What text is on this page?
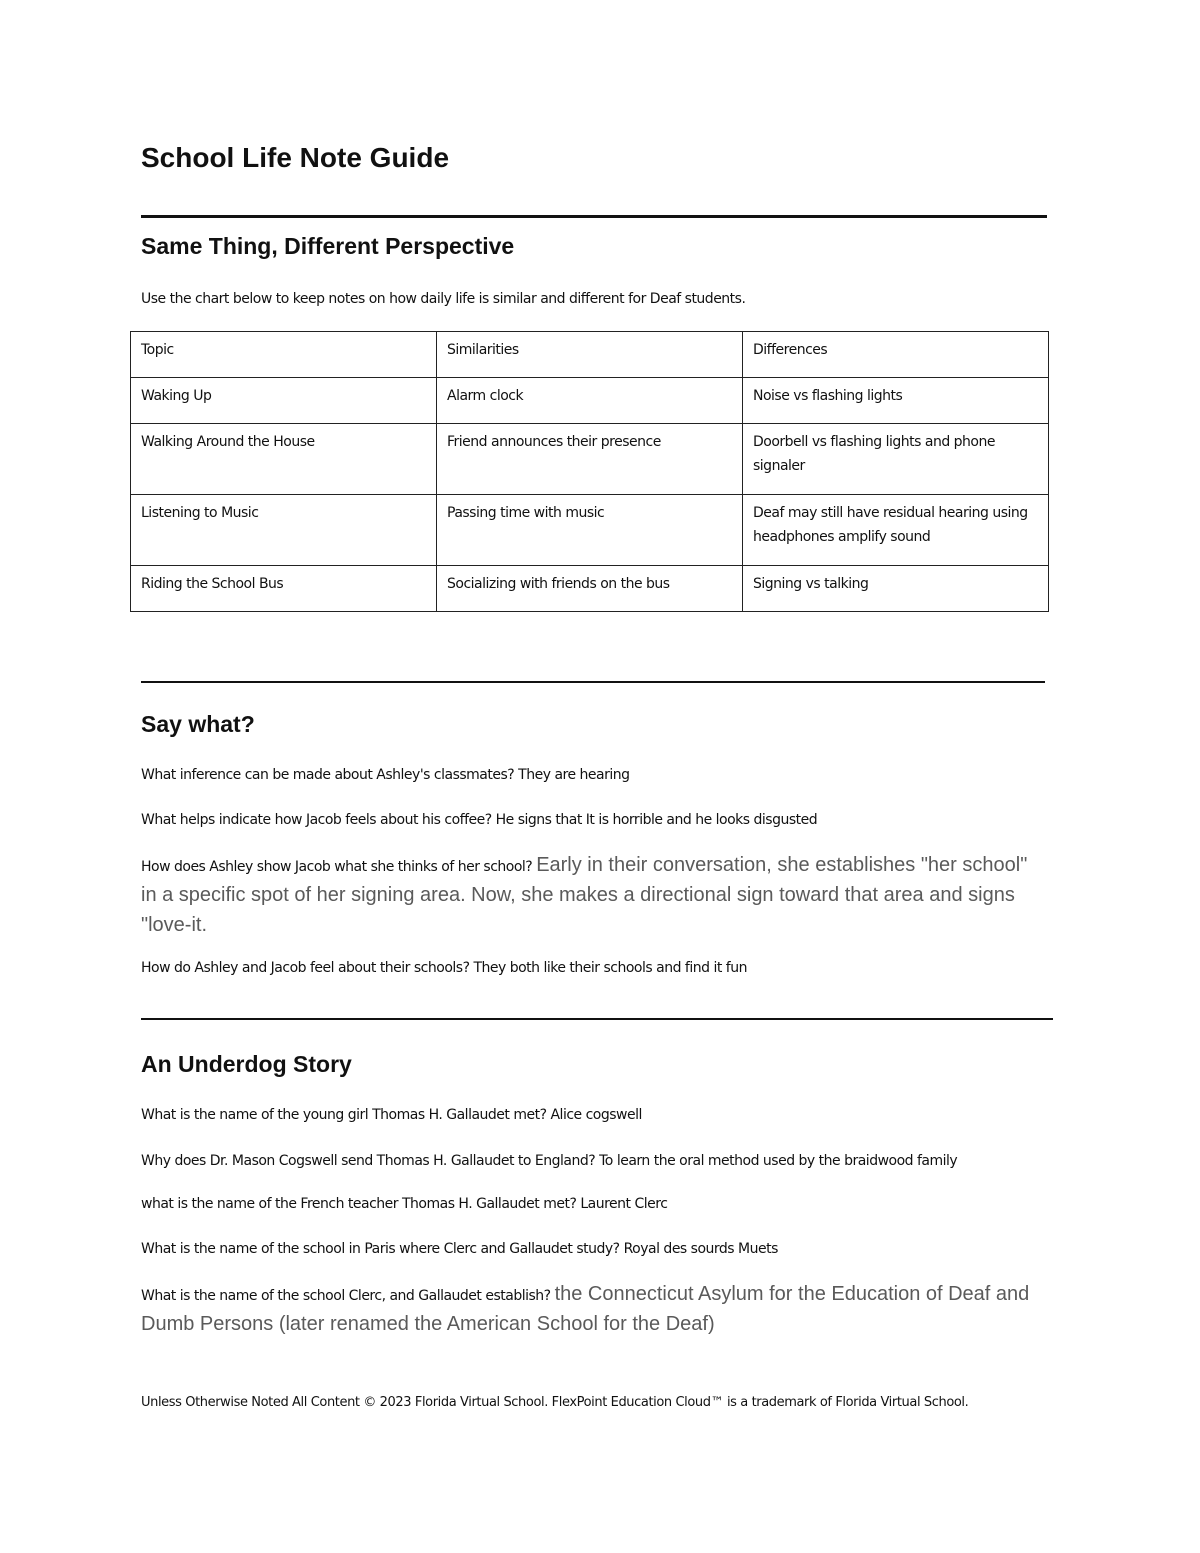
School Life Note Guide
Same Thing, Different Perspective

Use the chart below to keep notes on how daily life is similar and different for Deaf students.

Topic	Similarities	Differences
Waking Up	Alarm clock	Noise vs flashing lights
Walking Around the House	Friend announces their presence	Doorbell vs flashing lights and phone signaler
Listening to Music	Passing time with music	Deaf may still have residual hearing using headphones amplify sound
Riding the School Bus	Socializing with friends on the bus	Signing vs talking
Say what?

What inference can be made about Ashley's classmates? They are hearing

What helps indicate how Jacob feels about his coffee? He signs that It is horrible and he looks disgusted

How does Ashley show Jacob what she thinks of her school? Early in their conversation, she establishes "her school" in a specific spot of her signing area. Now, she makes a directional sign toward that area and signs "love-it.

How do Ashley and Jacob feel about their schools? They both like their schools and find it fun

An Underdog Story

What is the name of the young girl Thomas H. Gallaudet met? Alice cogswell

Why does Dr. Mason Cogswell send Thomas H. Gallaudet to England? To learn the oral method used by the braidwood family

what is the name of the French teacher Thomas H. Gallaudet met? Laurent Clerc

What is the name of the school in Paris where Clerc and Gallaudet study? Royal des sourds Muets

What is the name of the school Clerc, and Gallaudet establish? the Connecticut Asylum for the Education of Deaf and Dumb Persons (later renamed the American School for the Deaf)

Unless Otherwise Noted All Content © 2023 Florida Virtual School. FlexPoint Education Cloud™ is a trademark of Florida Virtual School.
